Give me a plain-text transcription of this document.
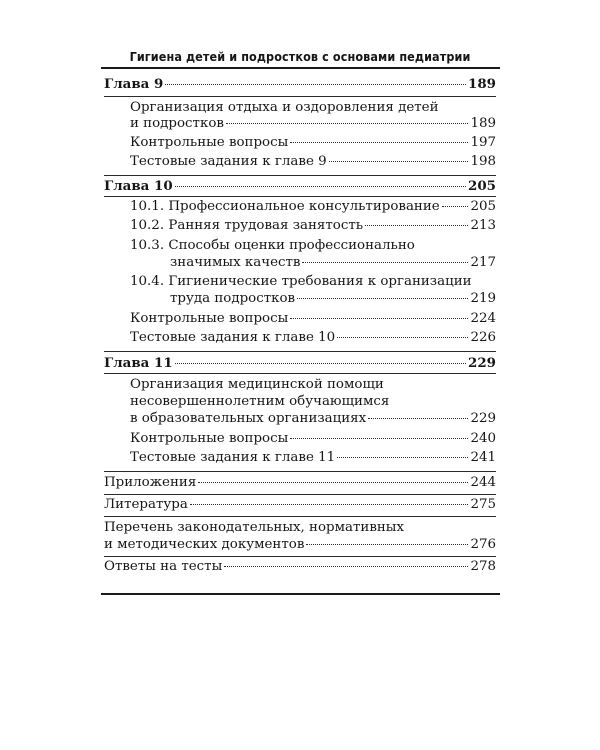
Гигиена детей и подростков с основами педиатрии
Глава 9	189
Организация отдыха и оздоровления детей
и подростков	189
Контрольные вопросы	197
Тестовые задания к главе 9	198
Глава 10	205
10.1. Профессиональное консультирование 205
10.2. Ранняя трудовая занятость	213
10.3. Способы оценки профессионально
значимых качеств	217
10.4. Гигиенические требования к организации
труда подростков	219
Контрольные вопросы	224
Тестовые задания к главе 10	226
Глава 11	229
Организация медицинской помощи
несовершеннолетним обучающимся
в образовательных организациях	229
Контрольные вопросы	240
Тестовые задания к главе 11	241
Приложения	244
Литература	275
Перечень законодательных, нормативных
и методических документов	276
Ответы на тесты	278
